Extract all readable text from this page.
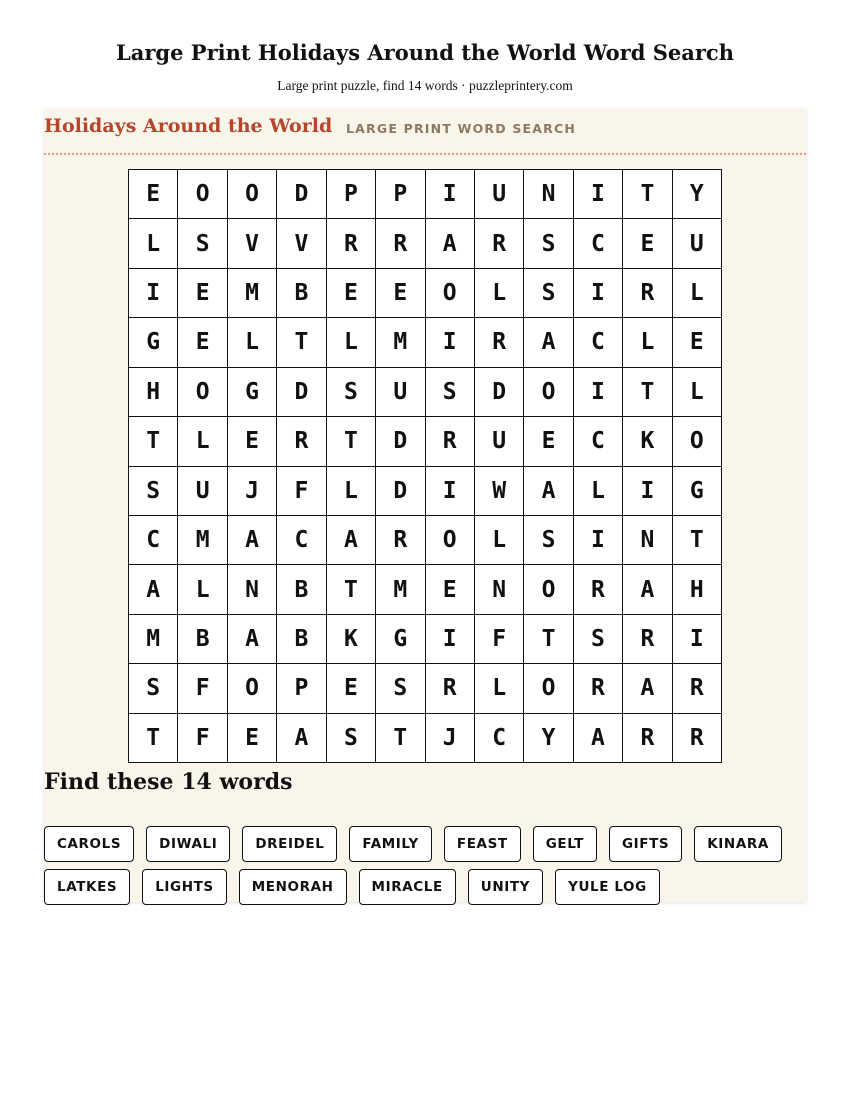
Large Print Holidays Around the World Word Search
Large print puzzle, find 14 words · puzzleprintery.com
Holidays Around the World LARGE PRINT WORD SEARCH
E	O	O	D	P	P	I	U	N	I	T	Y
L	S	V	V	R	R	A	R	S	C	E	U
I	E	M	B	E	E	O	L	S	I	R	L
G	E	L	T	L	M	I	R	A	C	L	E
H	O	G	D	S	U	S	D	O	I	T	L
T	L	E	R	T	D	R	U	E	C	K	O
S	U	J	F	L	D	I	W	A	L	I	G
C	M	A	C	A	R	O	L	S	I	N	T
A	L	N	B	T	M	E	N	O	R	A	H
M	B	A	B	K	G	I	F	T	S	R	I
S	F	O	P	E	S	R	L	O	R	A	R
T	F	E	A	S	T	J	C	Y	A	R	R
Find these 14 words
CAROLS	DIWALI	DREIDEL	FAMILY	FEAST	GELT	GIFTS	KINARA
LATKES	LIGHTS	MENORAH	MIRACLE	UNITY	YULE LOG
